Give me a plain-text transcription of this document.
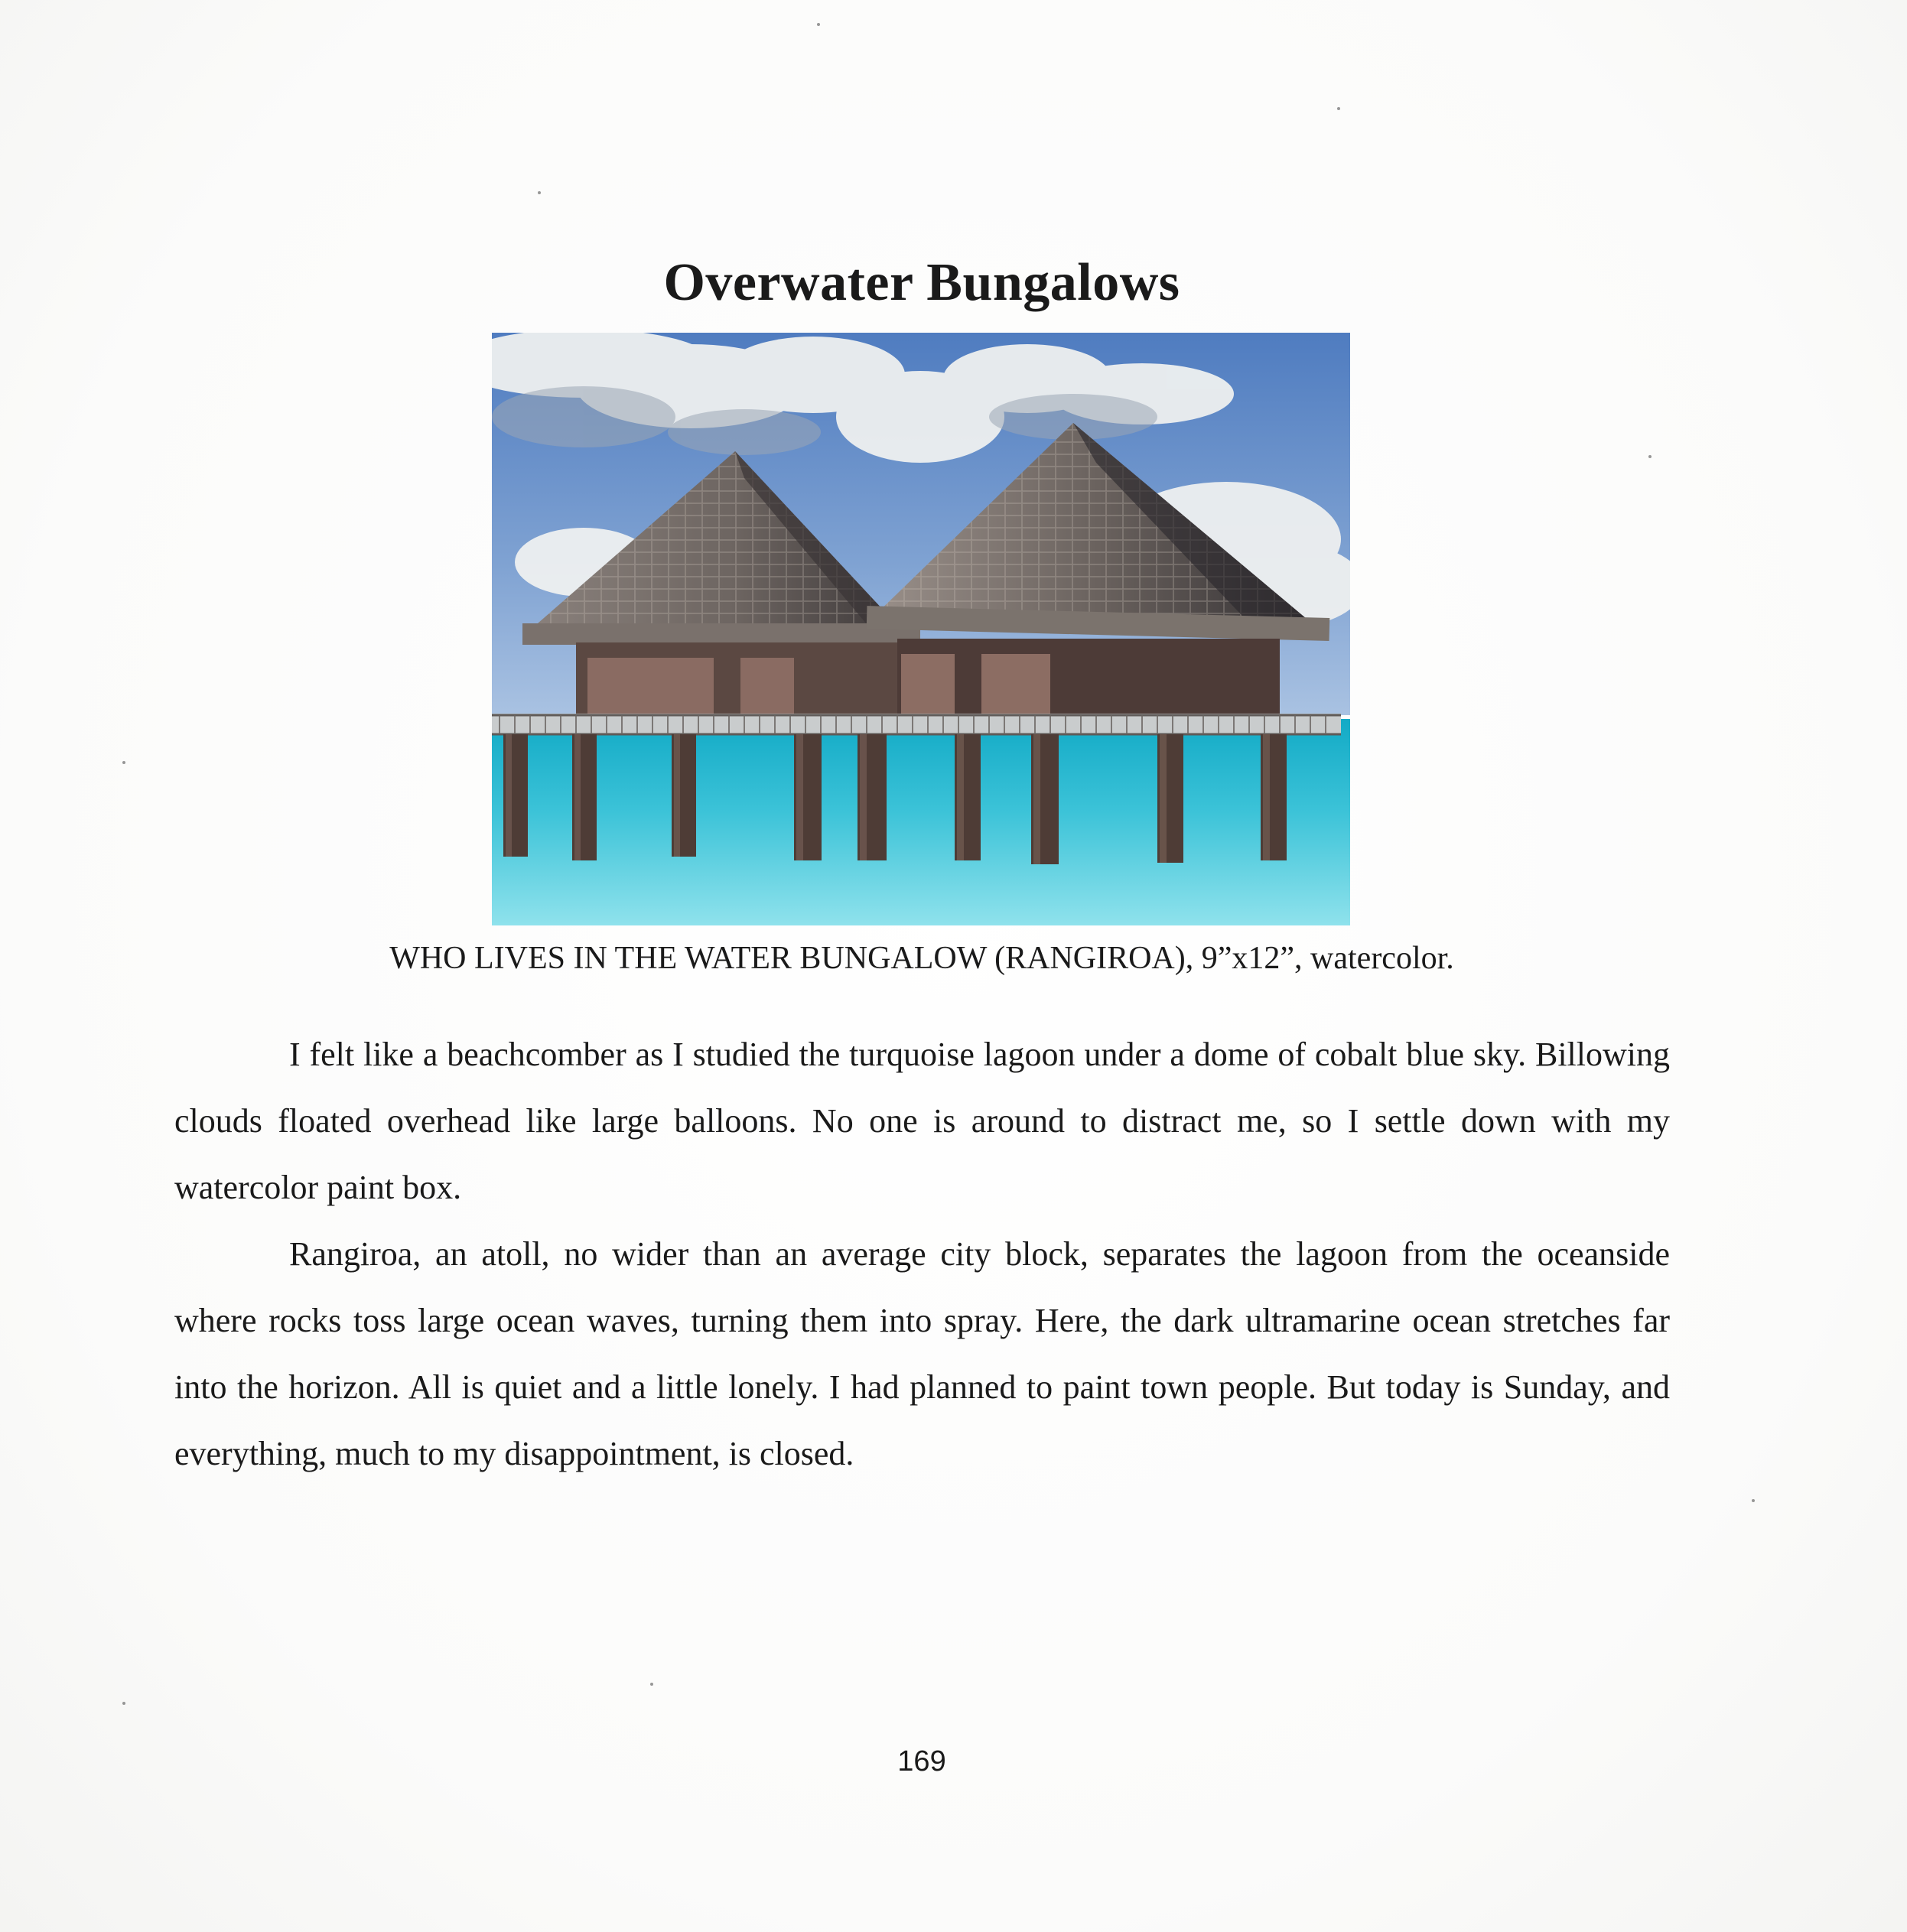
Overwater Bungalows
WHO LIVES IN THE WATER BUNGALOW (RANGIROA), 9”x12”, watercolor.

I felt like a beachcomber as I studied the turquoise lagoon under a dome of cobalt blue sky. Billowing clouds floated overhead like large balloons. No one is around to distract me, so I settle down with my watercolor paint box.

Rangiroa, an atoll, no wider than an average city block, separates the lagoon from the oceanside where rocks toss large ocean waves, turning them into spray. Here, the dark ultramarine ocean stretches far into the horizon. All is quiet and a little lonely. I had planned to paint town people. But today is Sunday, and everything, much to my disappointment, is closed.

169
